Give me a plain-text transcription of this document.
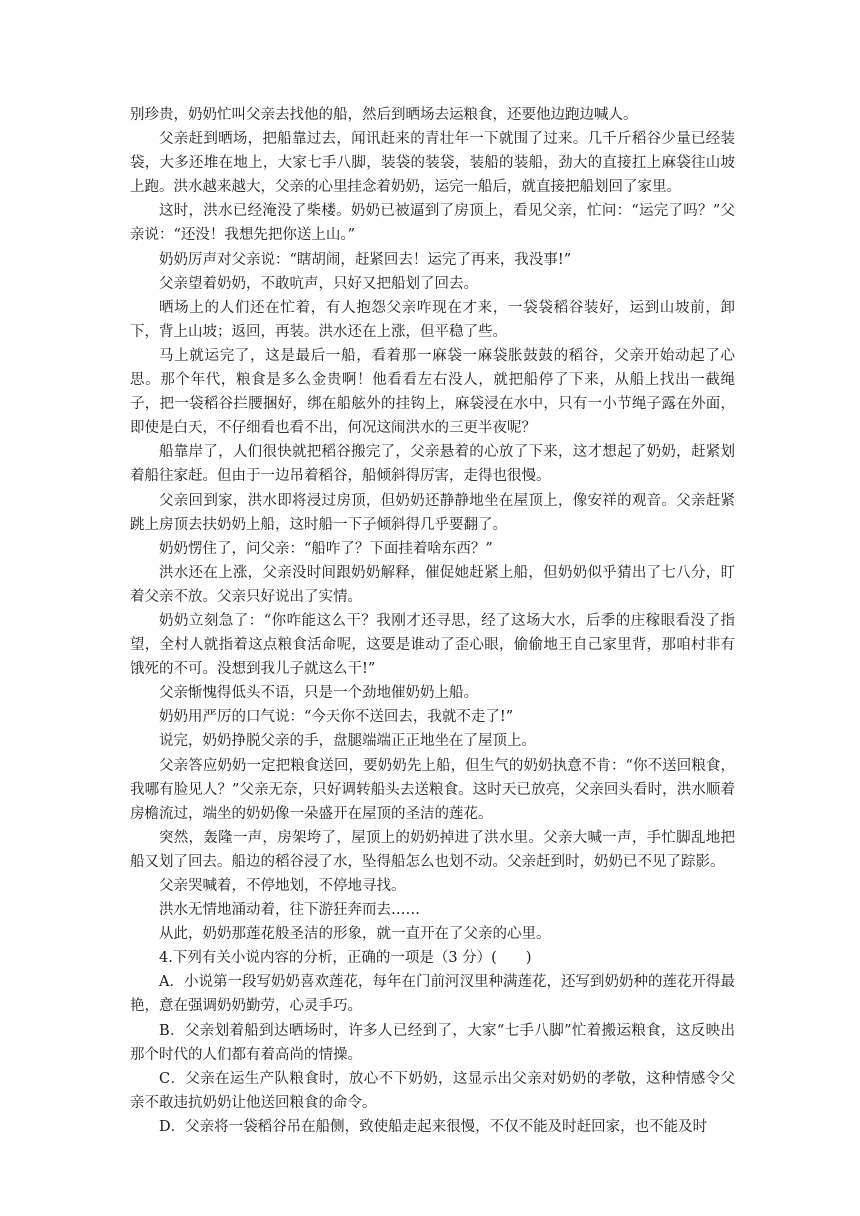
别珍贵，奶奶忙叫父亲去找他的船，然后到晒场去运粮食，还要他边跑边喊人。

父亲赶到晒场，把船靠过去，闻讯赶来的青壮年一下就围了过来。几千斤稻谷少量已经装袋，大多还堆在地上，大家七手八脚，装袋的装袋，装船的装船，劲大的直接扛上麻袋往山坡上跑。洪水越来越大，父亲的心里挂念着奶奶，运完一船后，就直接把船划回了家里。

这时，洪水已经淹没了柴楼。奶奶已被逼到了房顶上，看见父亲，忙问：“运完了吗？”父亲说：“还没！我想先把你送上山。”

奶奶厉声对父亲说：“瞎胡闹，赶紧回去！运完了再来，我没事!”

父亲望着奶奶，不敢吭声，只好又把船划了回去。

晒场上的人们还在忙着，有人抱怨父亲咋现在才来，一袋袋稻谷装好，运到山坡前，卸下，背上山坡；返回，再装。洪水还在上涨，但平稳了些。

马上就运完了，这是最后一船，看着那一麻袋一麻袋胀鼓鼓的稻谷，父亲开始动起了心思。那个年代，粮食是多么金贵啊！他看看左右没人，就把船停了下来，从船上找出一截绳子，把一袋稻谷拦腰捆好，绑在船舷外的挂钩上，麻袋浸在水中，只有一小节绳子露在外面，即使是白天，不仔细看也看不出，何况这闹洪水的三更半夜呢？

船靠岸了，人们很快就把稻谷搬完了，父亲悬着的心放了下来，这才想起了奶奶，赶紧划着船往家赶。但由于一边吊着稻谷，船倾斜得厉害，走得也很慢。

父亲回到家，洪水即将浸过房顶，但奶奶还静静地坐在屋顶上，像安祥的观音。父亲赶紧跳上房顶去扶奶奶上船，这时船一下子倾斜得几乎要翻了。

奶奶愣住了，问父亲：“船咋了？下面挂着啥东西？”

洪水还在上涨，父亲没时间跟奶奶解释，催促她赶紧上船，但奶奶似乎猜出了七八分，盯着父亲不放。父亲只好说出了实情。

奶奶立刻急了：“你咋能这么干？我刚才还寻思，经了这场大水，后季的庄稼眼看没了指望，全村人就指着这点粮食活命呢，这要是谁动了歪心眼，偷偷地王自己家里背，那咱村非有饿死的不可。没想到我儿子就这么干!”

父亲惭愧得低头不语，只是一个劲地催奶奶上船。

奶奶用严厉的口气说：“今天你不送回去，我就不走了!”

说完，奶奶挣脱父亲的手，盘腿端端正正地坐在了屋顶上。

父亲答应奶奶一定把粮食送回，要奶奶先上船，但生气的奶奶执意不肯：“你不送回粮食，我哪有脸见人？”父亲无奈，只好调转船头去送粮食。这时天已放亮，父亲回头看时，洪水顺着房檐流过，端坐的奶奶像一朵盛开在屋顶的圣洁的莲花。

突然，轰隆一声，房架垮了，屋顶上的奶奶掉进了洪水里。父亲大喊一声，手忙脚乱地把船又划了回去。船边的稻谷浸了水，坠得船怎么也划不动。父亲赶到时，奶奶已不见了踪影。

父亲哭喊着，不停地划，不停地寻找。

洪水无情地涌动着，往下游狂奔而去……

从此，奶奶那莲花般圣洁的形象，就一直开在了父亲的心里。

4.下列有关小说内容的分析，正确的一项是（3 分）(　　)

A．小说第一段写奶奶喜欢莲花，每年在门前河汊里种满莲花，还写到奶奶种的莲花开得最艳，意在强调奶奶勤劳，心灵手巧。

B．父亲划着船到达晒场时，许多人已经到了，大家“七手八脚”忙着搬运粮食，这反映出那个时代的人们都有着高尚的情操。

C．父亲在运生产队粮食时，放心不下奶奶，这显示出父亲对奶奶的孝敬，这种情感令父亲不敢违抗奶奶让他送回粮食的命令。

D．父亲将一袋稻谷吊在船侧，致使船走起来很慢，不仅不能及时赶回家，也不能及时
